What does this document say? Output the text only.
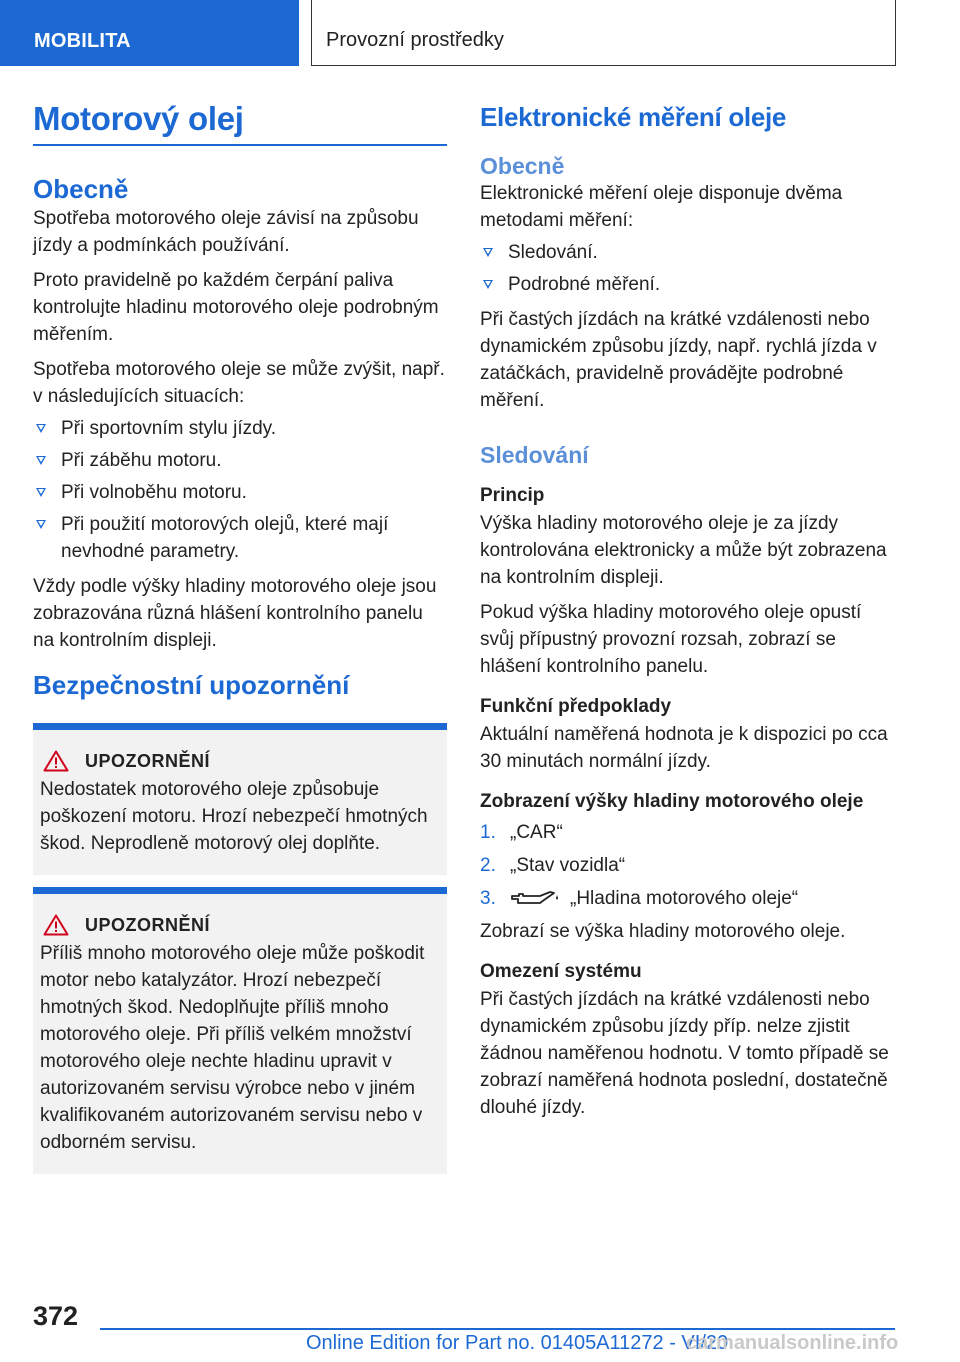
MOBILITA	Provozní prostředky
Motorový olej
Obecně

Spotřeba motorového oleje závisí na způsobu jízdy a podmínkách používání.

Proto pravidelně po každém čerpání paliva kontrolujte hladinu motorového oleje podrobným měřením.

Spotřeba motorového oleje se může zvýšit, např. v následujících situacích:

Při sportovním stylu jízdy.
Při záběhu motoru.
Při volnoběhu motoru.
Při použití motorových olejů, které mají nevhodné parametry.

Vždy podle výšky hladiny motorového oleje jsou zobrazována různá hlášení kontrolního panelu na kontrolním displeji.

Bezpečnostní upozornění
UPOZORNĚNÍ

Nedostatek motorového oleje způsobuje poškození motoru. Hrozí nebezpečí hmotných škod. Neprodleně motorový olej doplňte.

UPOZORNĚNÍ

Příliš mnoho motorového oleje může poškodit motor nebo katalyzátor. Hrozí nebezpečí hmotných škod. Nedoplňujte příliš mnoho motorového oleje. Při příliš velkém množství motorového oleje nechte hladinu upravit v autorizovaném servisu výrobce nebo v jiném kvalifikovaném autorizovaném servisu nebo v odborném servisu.

Elektronické měření oleje
Obecně

Elektronické měření oleje disponuje dvěma metodami měření:

Sledování.
Podrobné měření.

Při častých jízdách na krátké vzdálenosti nebo dynamickém způsobu jízdy, např. rychlá jízda v zatáčkách, pravidelně provádějte podrobné měření.

Sledování
Princip

Výška hladiny motorového oleje je za jízdy kontrolována elektronicky a může být zobrazena na kontrolním displeji.

Pokud výška hladiny motorového oleje opustí svůj přípustný provozní rozsah, zobrazí se hlášení kontrolního panelu.

Funkční předpoklady

Aktuální naměřená hodnota je k dispozici po cca 30 minutách normální jízdy.

Zobrazení výšky hladiny motorového oleje
1. „CAR“
2. „Stav vozidla“
3.	„Hladina motorového oleje“

Zobrazí se výška hladiny motorového oleje.

Omezení systému

Při častých jízdách na krátké vzdálenosti nebo dynamickém způsobu jízdy příp. nelze zjistit žádnou naměřenou hodnotu. V tomto případě se zobrazí naměřená hodnota poslední, dostatečně dlouhé jízdy.

372
Online Edition for Part no. 01405A11272 - VI/20
carmanualsonline.info
